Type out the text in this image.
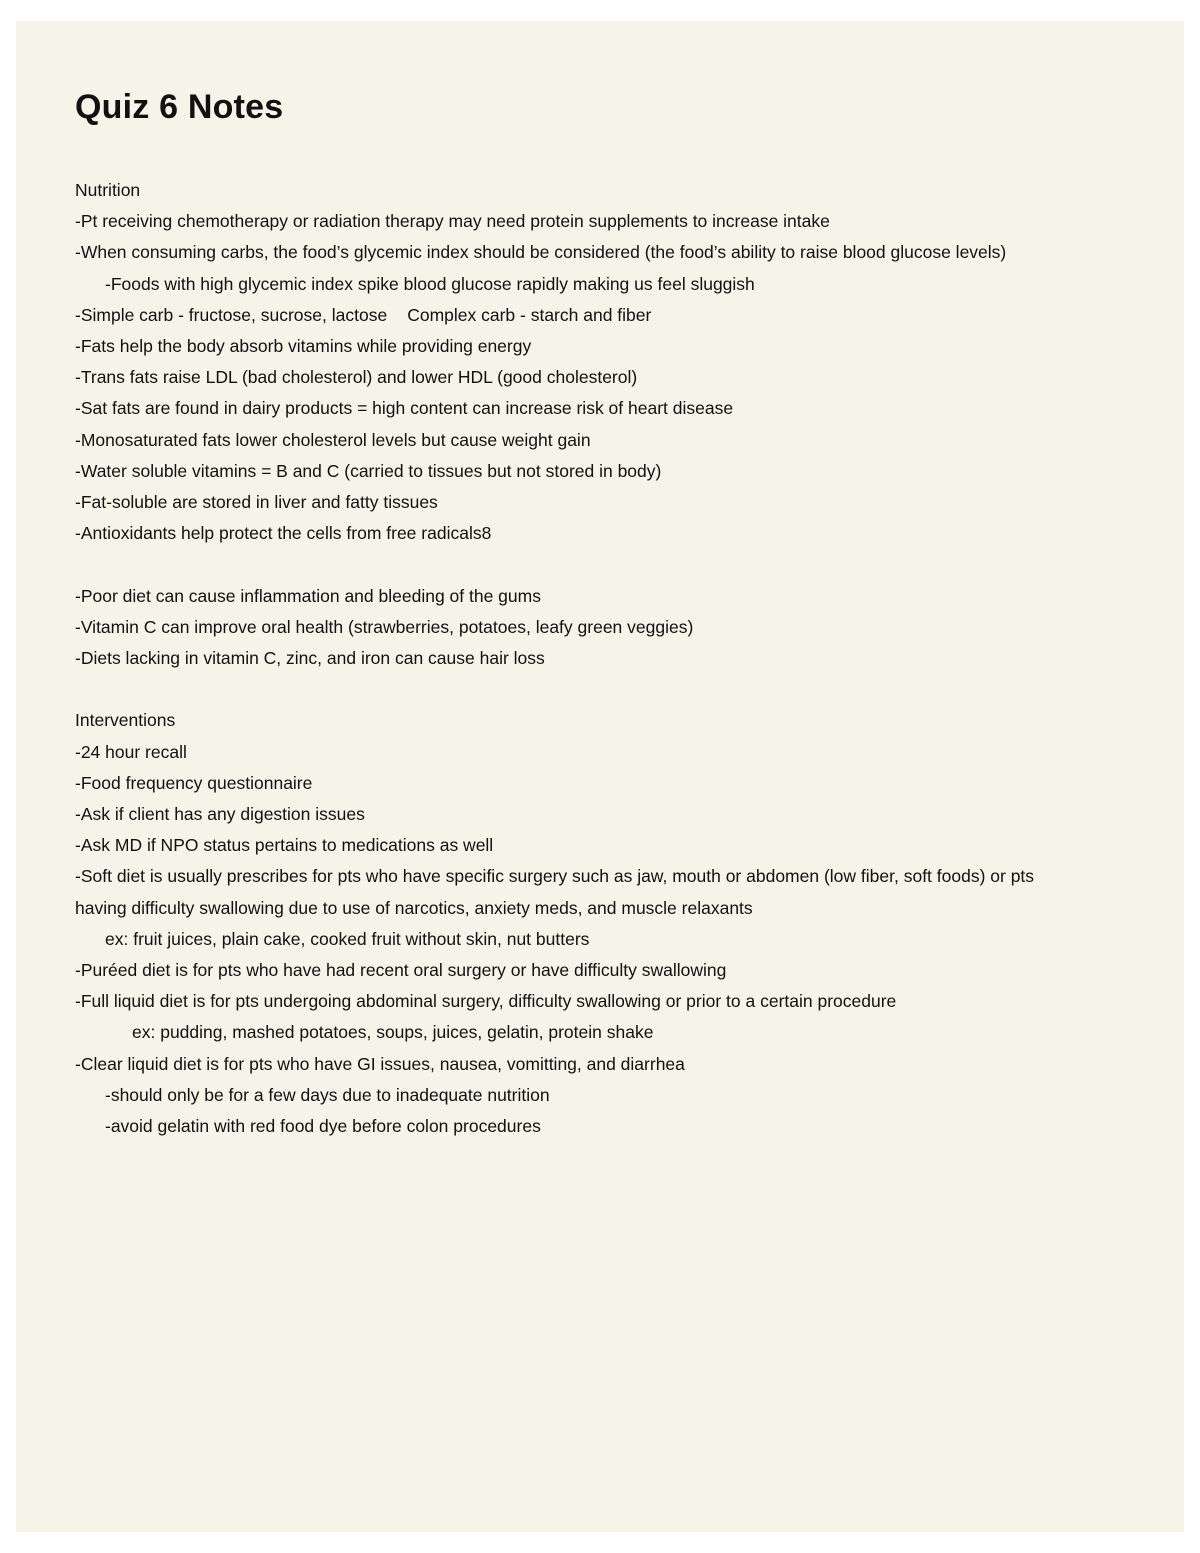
Quiz 6 Notes
Nutrition
-Pt receiving chemotherapy or radiation therapy may need protein supplements to increase intake
-When consuming carbs, the food’s glycemic index should be considered (the food’s ability to raise blood glucose levels)
-Foods with high glycemic index spike blood glucose rapidly making us feel sluggish
-Simple carb - fructose, sucrose, lactose Complex carb - starch and fiber
-Fats help the body absorb vitamins while providing energy
-Trans fats raise LDL (bad cholesterol) and lower HDL (good cholesterol)
-Sat fats are found in dairy products = high content can increase risk of heart disease
-Monosaturated fats lower cholesterol levels but cause weight gain
-Water soluble vitamins = B and C (carried to tissues but not stored in body)
-Fat-soluble are stored in liver and fatty tissues
-Antioxidants help protect the cells from free radicals8
-Poor diet can cause inflammation and bleeding of the gums
-Vitamin C can improve oral health (strawberries, potatoes, leafy green veggies)
-Diets lacking in vitamin C, zinc, and iron can cause hair loss
Interventions
-24 hour recall
-Food frequency questionnaire
-Ask if client has any digestion issues
-Ask MD if NPO status pertains to medications as well
-Soft diet is usually prescribes for pts who have specific surgery such as jaw, mouth or abdomen (low fiber, soft foods) or pts
having difficulty swallowing due to use of narcotics, anxiety meds, and muscle relaxants
ex: fruit juices, plain cake, cooked fruit without skin, nut butters
-Puréed diet is for pts who have had recent oral surgery or have difficulty swallowing
-Full liquid diet is for pts undergoing abdominal surgery, difficulty swallowing or prior to a certain procedure
ex: pudding, mashed potatoes, soups, juices, gelatin, protein shake
-Clear liquid diet is for pts who have GI issues, nausea, vomitting, and diarrhea
-should only be for a few days due to inadequate nutrition
-avoid gelatin with red food dye before colon procedures
